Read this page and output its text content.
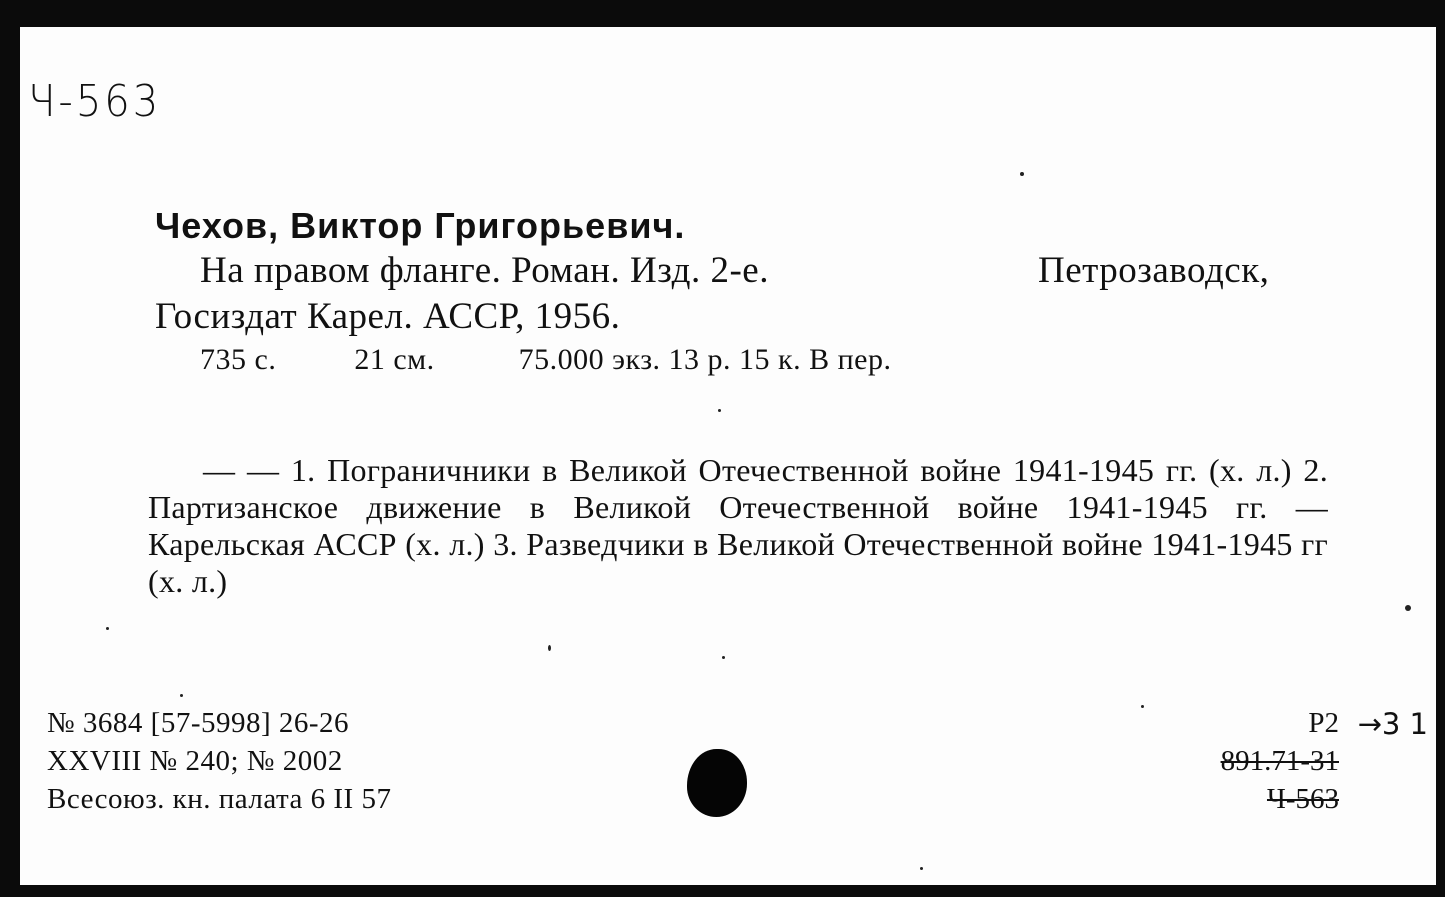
Ч-563
Чехов, Виктор Григорьевич.
На правом фланге. Роман. Изд. 2-е.	Петрозаводск,
Госиздат Карел. АССР, 1956.
735 с.	21 см.	75.000 экз. 13 р. 15 к. В пер.
— — 1. Пограничники в Великой Отечественной войне 1941-1945 гг. (х. л.) 2. Партизанское движение в Великой Отечественной войне 1941-1945 гг. — Карельская АССР (х. л.) 3. Разведчики в Великой Отечественной войне 1941-1945 гг (х. л.)
№ 3684 [57-5998] 26-26
XXVIII № 240; № 2002
Всесоюз. кн. палата 6 II 57
Р2 →3 1
891.71-31
Ч-563
